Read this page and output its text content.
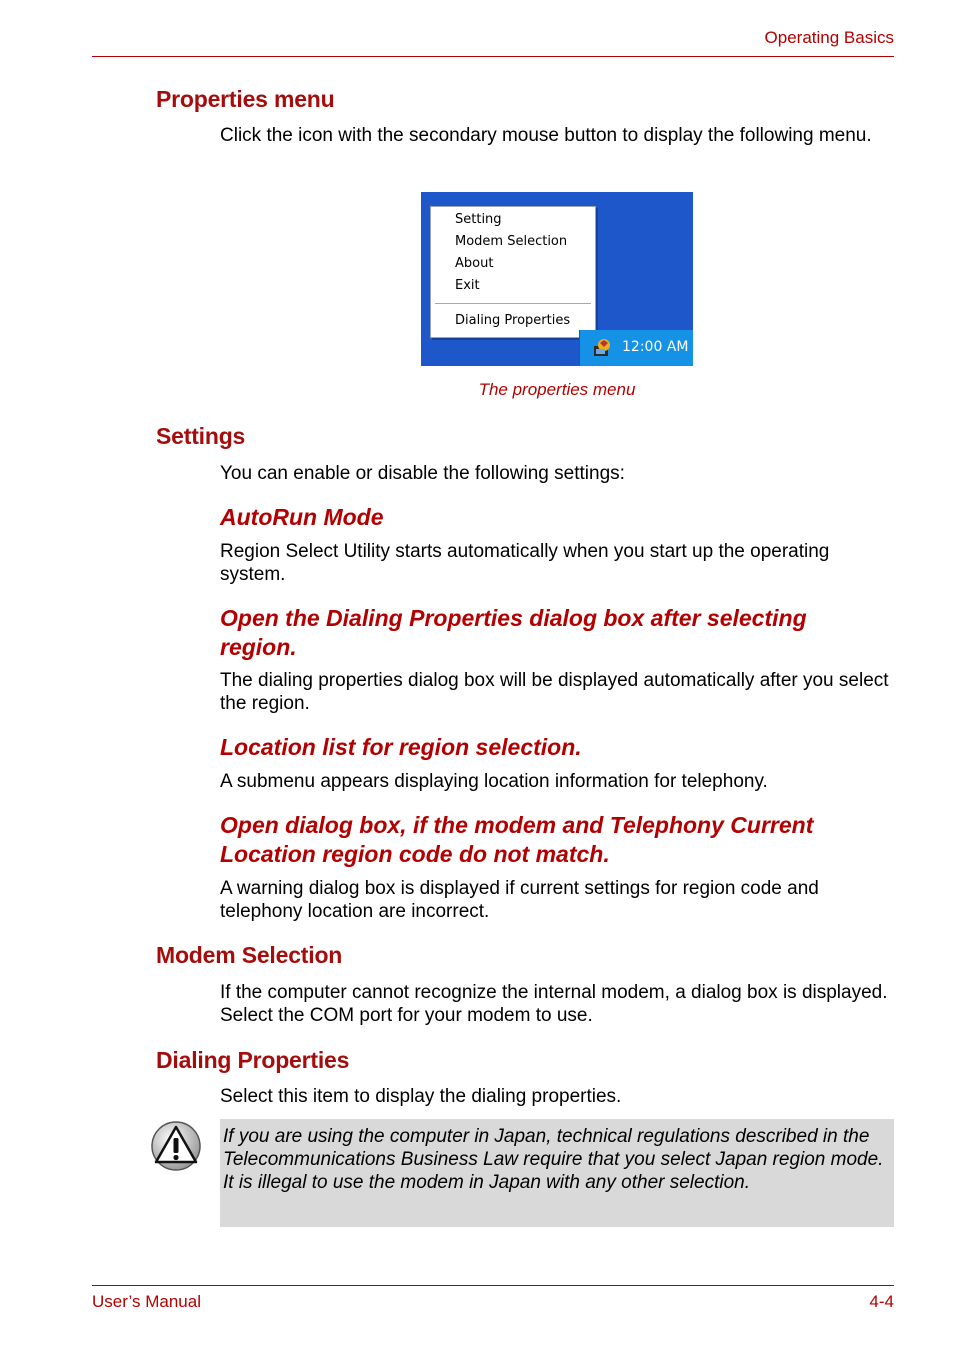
Operating Basics
Properties menu
Click the icon with the secondary mouse button to display the following menu.
Setting
Modem Selection
About
Exit
Dialing Properties
12:00 AM
The properties menu
Settings
You can enable or disable the following settings:
AutoRun Mode
Region Select Utility starts automatically when you start up the operating system.
Open the Dialing Properties dialog box after selecting region.
The dialing properties dialog box will be displayed automatically after you select the region.
Location list for region selection.
A submenu appears displaying location information for telephony.
Open dialog box, if the modem and Telephony Current Location region code do not match.
A warning dialog box is displayed if current settings for region code and telephony location are incorrect.
Modem Selection
If the computer cannot recognize the internal modem, a dialog box is displayed. Select the COM port for your modem to use.
Dialing Properties
Select this item to display the dialing properties.
If you are using the computer in Japan, technical regulations described in the Telecommunications Business Law require that you select Japan region mode. It is illegal to use the modem in Japan with any other selection.
User’s Manual	4-4
